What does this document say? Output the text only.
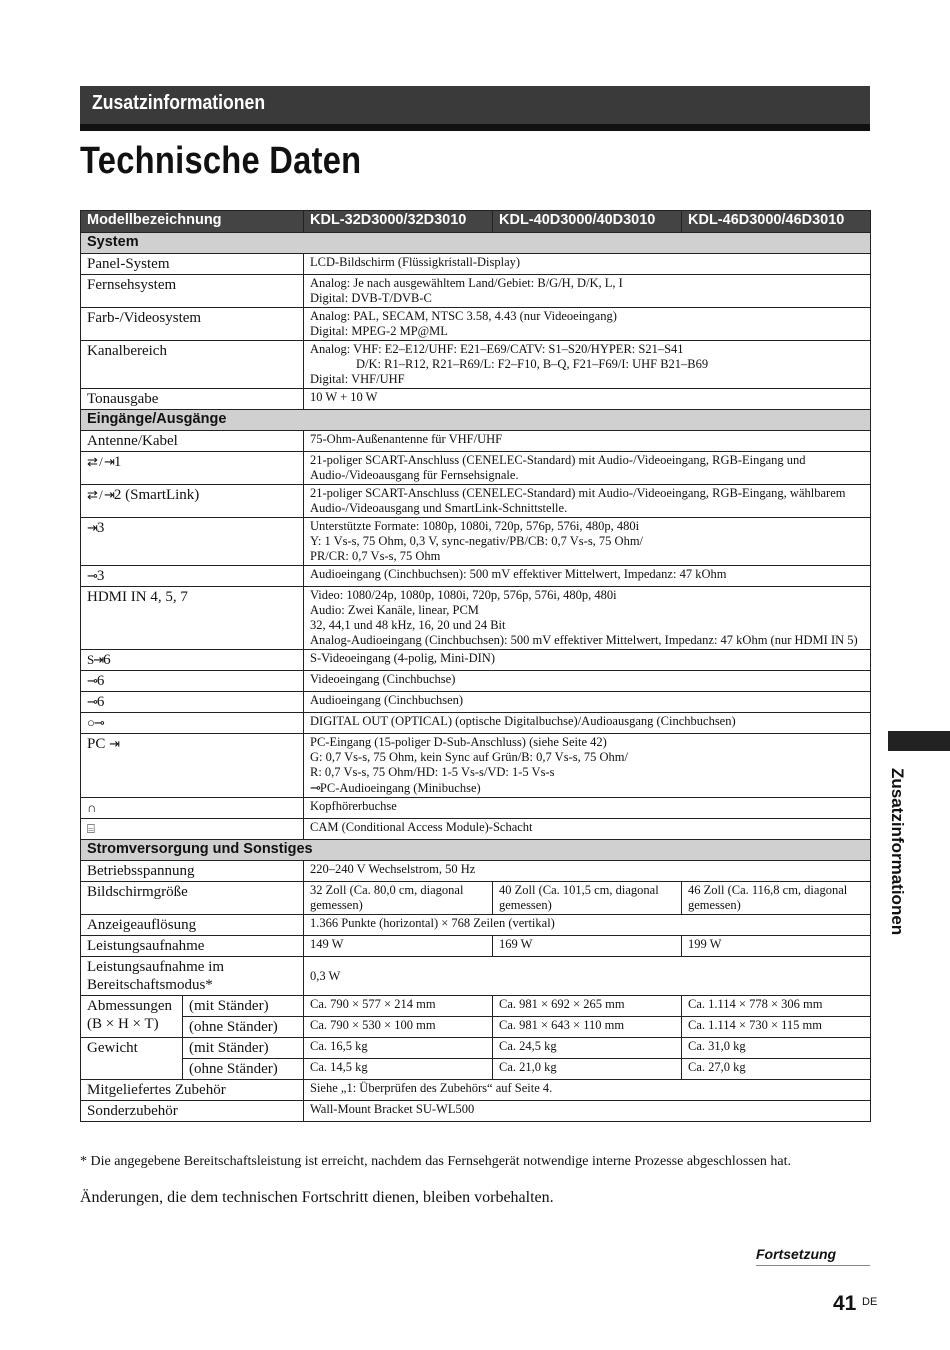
Zusatzinformationen
Technische Daten
Modellbezeichnung		KDL-32D3000/32D3010	KDL-40D3000/40D3010	KDL-46D3000/46D3010
System				
Panel-System		LCD-Bildschirm (Flüssigkristall-Display)		
Fernsehsystem		Analog: Je nach ausgewähltem Land/Gebiet: B/G/H, D/K, L, I
Digital: DVB-T/DVB-C		

Farb-/Videosystem		Analog: PAL, SECAM, NTSC 3.58, 4.43 (nur Videoeingang)
Digital: MPEG-2 MP@ML		

Kanalbereich		Analog: VHF: E2–E12/UHF: E21–E69/CATV: S1–S20/HYPER: S21–S41
D/K: R1–R12, R21–R69/L: F2–F10, B–Q, F21–F69/I: UHF B21–B69
Digital: VHF/UHF		

Tonausgabe		10 W + 10 W		
Eingänge/Ausgänge				
Antenne/Kabel		75-Ohm-Außenantenne für VHF/UHF		
⇄ / ⇥1		21-poliger SCART-Anschluss (CENELEC-Standard) mit Audio-/Videoeingang, RGB-Eingang und Audio-/Videoausgang für Fernsehsignale.		
⇄ / ⇥2 (SmartLink)		21-poliger SCART-Anschluss (CENELEC-Standard) mit Audio-/Videoeingang, RGB-Eingang, wählbarem Audio-/Videoausgang und SmartLink-Schnittstelle.		
⇥3		Unterstützte Formate: 1080p, 1080i, 720p, 576p, 576i, 480p, 480i
Y: 1 Vs-s, 75 Ohm, 0,3 V, sync-negativ/PB/CB: 0,7 Vs-s, 75 Ohm/
PR/CR: 0,7 Vs-s, 75 Ohm		

⊸3		Audioeingang (Cinchbuchsen): 500 mV effektiver Mittelwert, Impedanz: 47 kOhm		
HDMI IN 4, 5, 7		Video: 1080/24p, 1080p, 1080i, 720p, 576p, 576i, 480p, 480i
Audio: Zwei Kanäle, linear, PCM
32, 44,1 und 48 kHz, 16, 20 und 24 Bit
Analog-Audioeingang (Cinchbuchsen): 500 mV effektiver Mittelwert, Impedanz: 47 kOhm (nur HDMI IN 5)		

S⇥6		S-Videoeingang (4-polig, Mini-DIN)		
⊸6		Videoeingang (Cinchbuchse)		
⊸6		Audioeingang (Cinchbuchsen)		
○⊸		DIGITAL OUT (OPTICAL) (optische Digitalbuchse)/Audioausgang (Cinchbuchsen)		
PC ⇥		PC-Eingang (15-poliger D-Sub-Anschluss) (siehe Seite 42)
G: 0,7 Vs-s, 75 Ohm, kein Sync auf Grün/B: 0,7 Vs-s, 75 Ohm/
R: 0,7 Vs-s, 75 Ohm/HD: 1-5 Vs-s/VD: 1-5 Vs-s
⊸PC-Audioeingang (Minibuchse)		

∩		Kopfhörerbuchse		
⌸		CAM (Conditional Access Module)-Schacht		
Stromversorgung und Sonstiges				
Betriebsspannung		220–240 V Wechselstrom, 50 Hz		
Bildschirmgröße		32 Zoll (Ca. 80,0 cm, diagonal gemessen)	40 Zoll (Ca. 101,5 cm, diagonal gemessen)	46 Zoll (Ca. 116,8 cm, diagonal gemessen)
Anzeigeauflösung		1.366 Punkte (horizontal) × 768 Zeilen (vertikal)		
Leistungsaufnahme		149 W	169 W	199 W
Leistungsaufnahme im Bereitschaftsmodus*		0,3 W		
Abmessungen (B × H × T)	(mit Ständer)	Ca. 790 × 577 × 214 mm	Ca. 981 × 692 × 265 mm	Ca. 1.114 × 778 × 306 mm
	(ohne Ständer)	Ca. 790 × 530 × 100 mm	Ca. 981 × 643 × 110 mm	Ca. 1.114 × 730 × 115 mm
Gewicht	(mit Ständer)	Ca. 16,5 kg	Ca. 24,5 kg	Ca. 31,0 kg
	(ohne Ständer)	Ca. 14,5 kg	Ca. 21,0 kg	Ca. 27,0 kg
Mitgeliefertes Zubehör		Siehe „1: Überprüfen des Zubehörs“ auf Seite 4.		
Sonderzubehör		Wall-Mount Bracket SU-WL500		

* Die angegebene Bereitschaftsleistung ist erreicht, nachdem das Fernsehgerät notwendige interne Prozesse abgeschlossen hat.

Änderungen, die dem technischen Fortschritt dienen, bleiben vorbehalten.

Fortsetzung
41 DE
Zusatzinformationen
